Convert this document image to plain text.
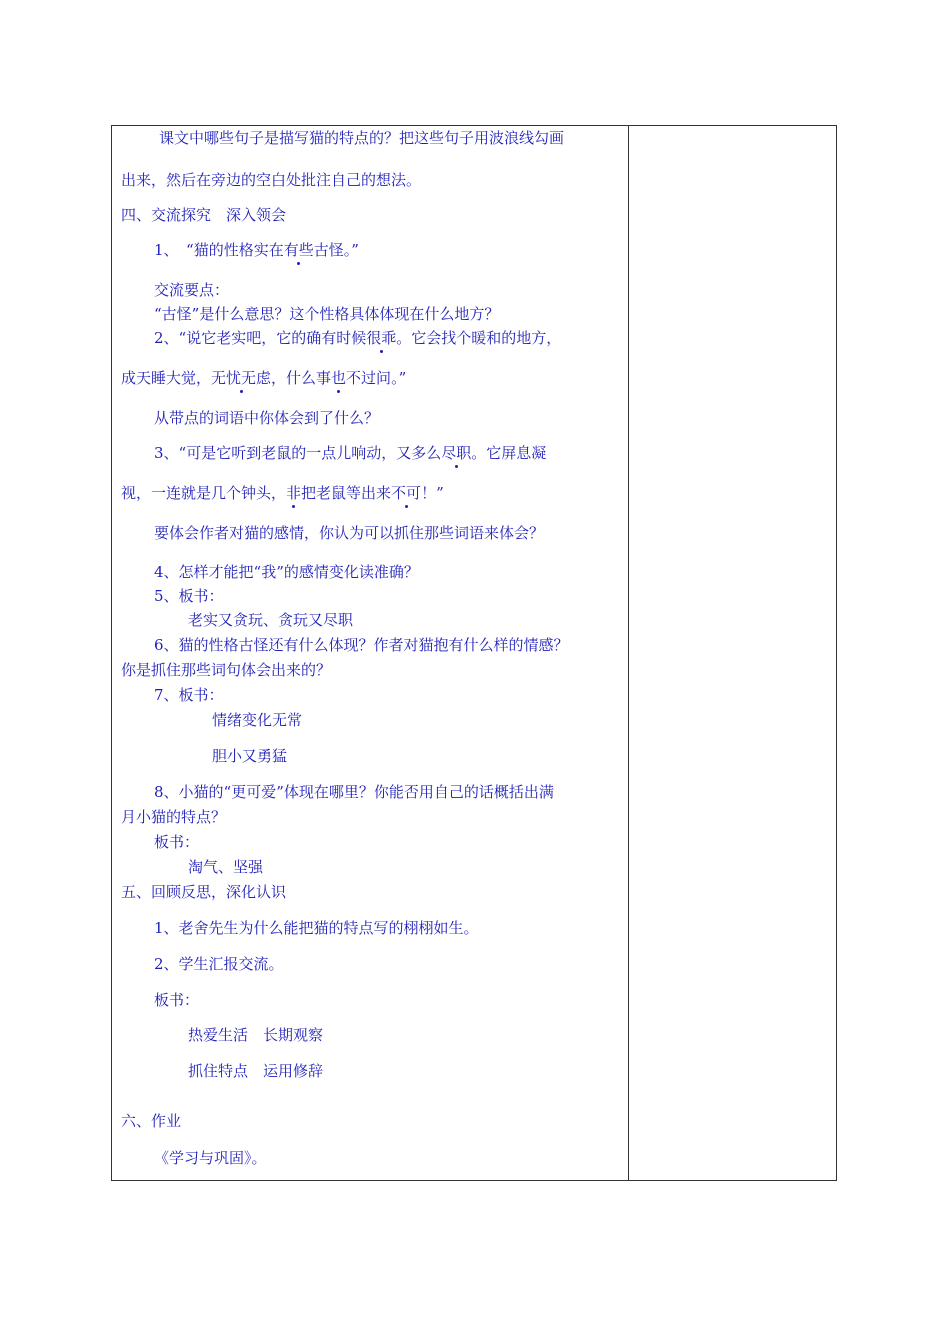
课文中哪些句子是描写猫的特点的？把这些句子用波浪线勾画
出来，然后在旁边的空白处批注自己的想法。
四、交流探究　深入领会
1、　“猫的性格实在有些古怪。”
交流要点：
“古怪”是什么意思？这个性格具体体现在什么地方？
2、“说它老实吧，它的确有时候很乖。它会找个暖和的地方，
成天睡大觉，无忧无虑，什么事也不过问。”
从带点的词语中你体会到了什么？
3、“可是它听到老鼠的一点儿响动，又多么尽职。它屏息凝
视，一连就是几个钟头，非把老鼠等出来不可！”
要体会作者对猫的感情，你认为可以抓住那些词语来体会？
4、怎样才能把“我”的感情变化读准确？
5、板书：
老实又贪玩、贪玩又尽职
6、猫的性格古怪还有什么体现？作者对猫抱有什么样的情感？
你是抓住那些词句体会出来的？
7、板书：
情绪变化无常
胆小又勇猛
8、小猫的“更可爱”体现在哪里？你能否用自己的话概括出满
月小猫的特点？
板书：
淘气、坚强
五、回顾反思，深化认识
1、老舍先生为什么能把猫的特点写的栩栩如生。
2、学生汇报交流。
板书：
热爱生活　长期观察
抓住特点　运用修辞
六、作业
《学习与巩固》。
